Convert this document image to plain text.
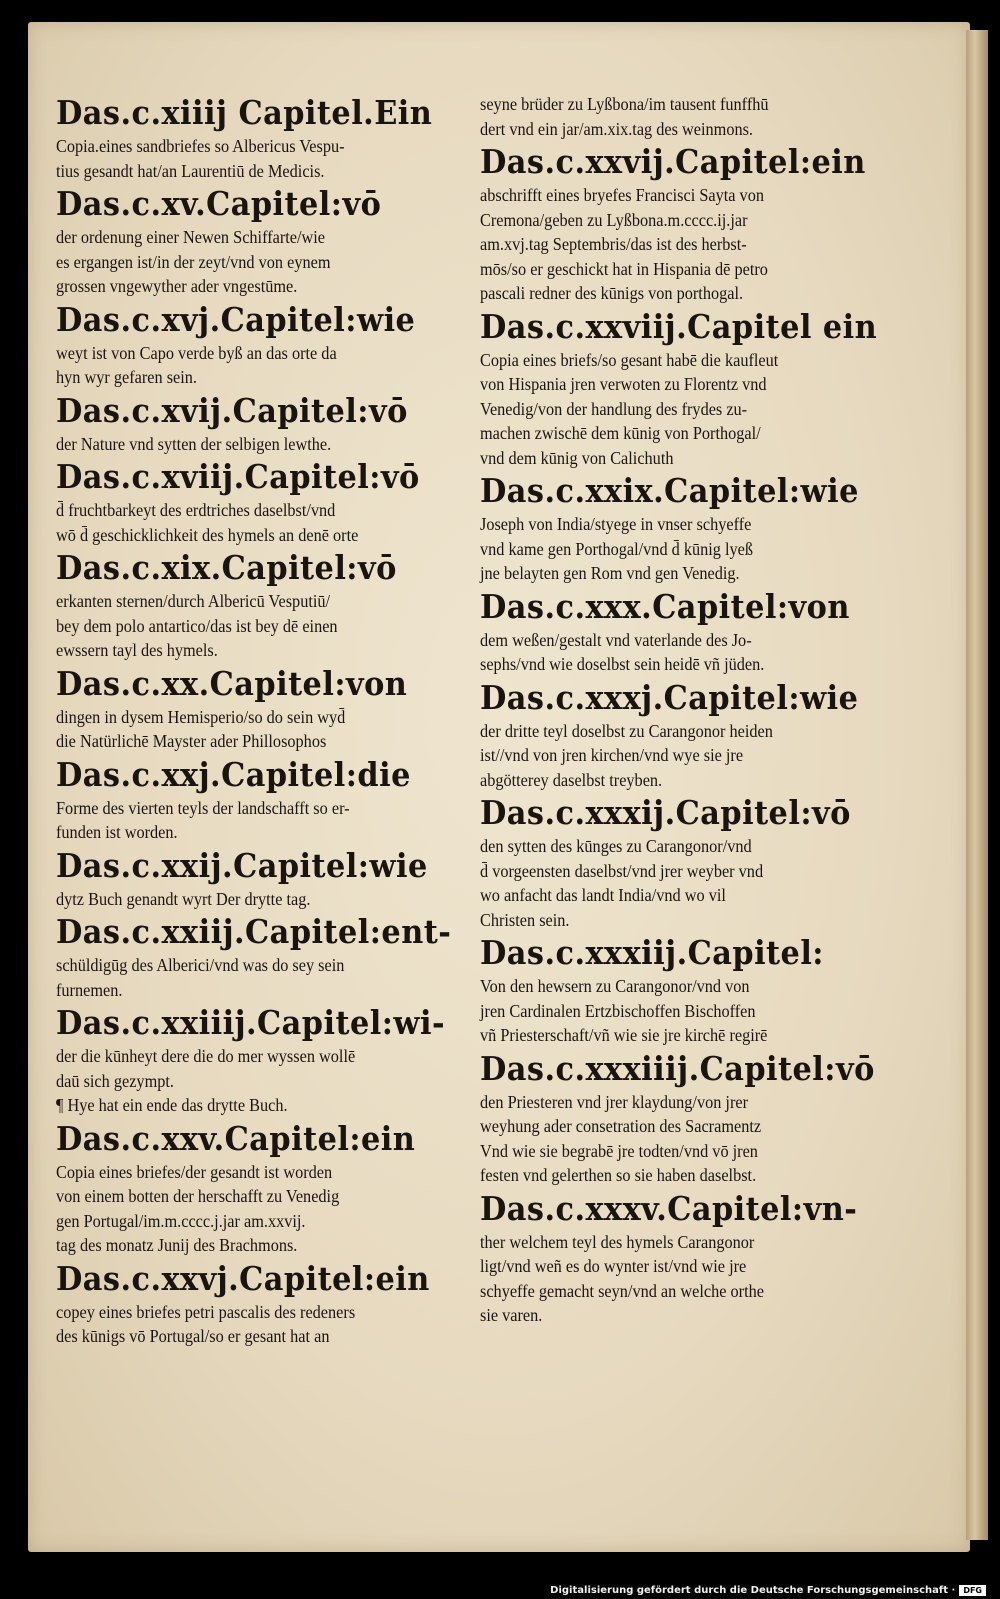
Das.c.xiiij Capitel.Ein
Copia.eines sandbriefes so Albericus Vespu-
tius gesandt hat/an Laurentiū de Medicis.
Das.c.xv.Capitel:vō
der ordenung einer Newen Schiffarte/wie
es ergangen ist/in der zeyt/vnd von eynem
grossen vngewyther ader vngestūme.
Das.c.xvj.Capitel:wie
weyt ist von Capo verde byß an das orte da
hyn wyr gefaren sein.
Das.c.xvij.Capitel:vō
der Nature vnd sytten der selbigen lewthe.
Das.c.xviij.Capitel:vō
d̄ fruchtbarkeyt des erdtriches daselbst/vnd
wō d̄ geschicklichkeit des hymels an denē orte
Das.c.xix.Capitel:vō
erkanten sternen/durch Albericū Vesputiū/
bey dem polo antartico/das ist bey dē einen
ewssern tayl des hymels.
Das.c.xx.Capitel:von
dingen in dysem Hemisperio/so do sein wyd̄
die Natürlichē Mayster ader Phillosophos
Das.c.xxj.Capitel:die
Forme des vierten teyls der landschafft so er-
funden ist worden.
Das.c.xxij.Capitel:wie
dytz Buch genandt wyrt Der drytte tag.
Das.c.xxiij.Capitel:ent-
schüldigūg des Alberici/vnd was do sey sein
furnemen.
Das.c.xxiiij.Capitel:wi-
der die kūnheyt dere die do mer wyssen wollē
daū sich gezympt.
¶ Hye hat ein ende das drytte Buch.
Das.c.xxv.Capitel:ein
Copia eines briefes/der gesandt ist worden
von einem botten der herschafft zu Venedig
gen Portugal/im.m.cccc.j.jar am.xxvij.
tag des monatz Junij des Brachmons.
Das.c.xxvj.Capitel:ein
copey eines briefes petri pascalis des redeners
des kūnigs vō Portugal/so er gesant hat an
seyne brüder zu Lyßbona/im tausent funffhū
dert vnd ein jar/am.xix.tag des weinmons.
Das.c.xxvij.Capitel:ein
abschrifft eines bryefes Francisci Sayta von
Cremona/geben zu Lyßbona.m.cccc.ij.jar
am.xvj.tag Septembris/das ist des herbst-
mōs/so er geschickt hat in Hispania dē petro
pascali redner des kūnigs von porthogal.
Das.c.xxviij.Capitel ein
Copia eines briefs/so gesant habē die kaufleut
von Hispania jren verwoten zu Florentz vnd
Venedig/von der handlung des frydes zu-
machen zwischē dem kūnig von Porthogal/
vnd dem kūnig von Calichuth
Das.c.xxix.Capitel:wie
Joseph von India/styege in vnser schyeffe
vnd kame gen Porthogal/vnd d̄ kūnig lyeß
jne belayten gen Rom vnd gen Venedig.
Das.c.xxx.Capitel:von
dem weßen/gestalt vnd vaterlande des Jo-
sephs/vnd wie doselbst sein heidē vñ jüden.
Das.c.xxxj.Capitel:wie
der dritte teyl doselbst zu Carangonor heiden
ist//vnd von jren kirchen/vnd wye sie jre
abgötterey daselbst treyben.
Das.c.xxxij.Capitel:vō
den sytten des kūnges zu Carangonor/vnd
d̄ vorgeensten daselbst/vnd jrer weyber vnd
wo anfacht das landt India/vnd wo vil
Christen sein.
Das.c.xxxiij.Capitel:
Von den hewsern zu Carangonor/vnd von
jren Cardinalen Ertzbischoffen Bischoffen
vñ Priesterschaft/vñ wie sie jre kirchē regirē
Das.c.xxxiiij.Capitel:vō
den Priesteren vnd jrer klaydung/von jrer
weyhung ader consetration des Sacramentz
Vnd wie sie begrabē jre todten/vnd vō jren
festen vnd gelerthen so sie haben daselbst.
Das.c.xxxv.Capitel:vn-
ther welchem teyl des hymels Carangonor
ligt/vnd weñ es do wynter ist/vnd wie jre
schyeffe gemacht seyn/vnd an welche orthe
sie varen.
Digitalisierung gefördert durch die Deutsche Forschungsgemeinschaft ·	DFG
